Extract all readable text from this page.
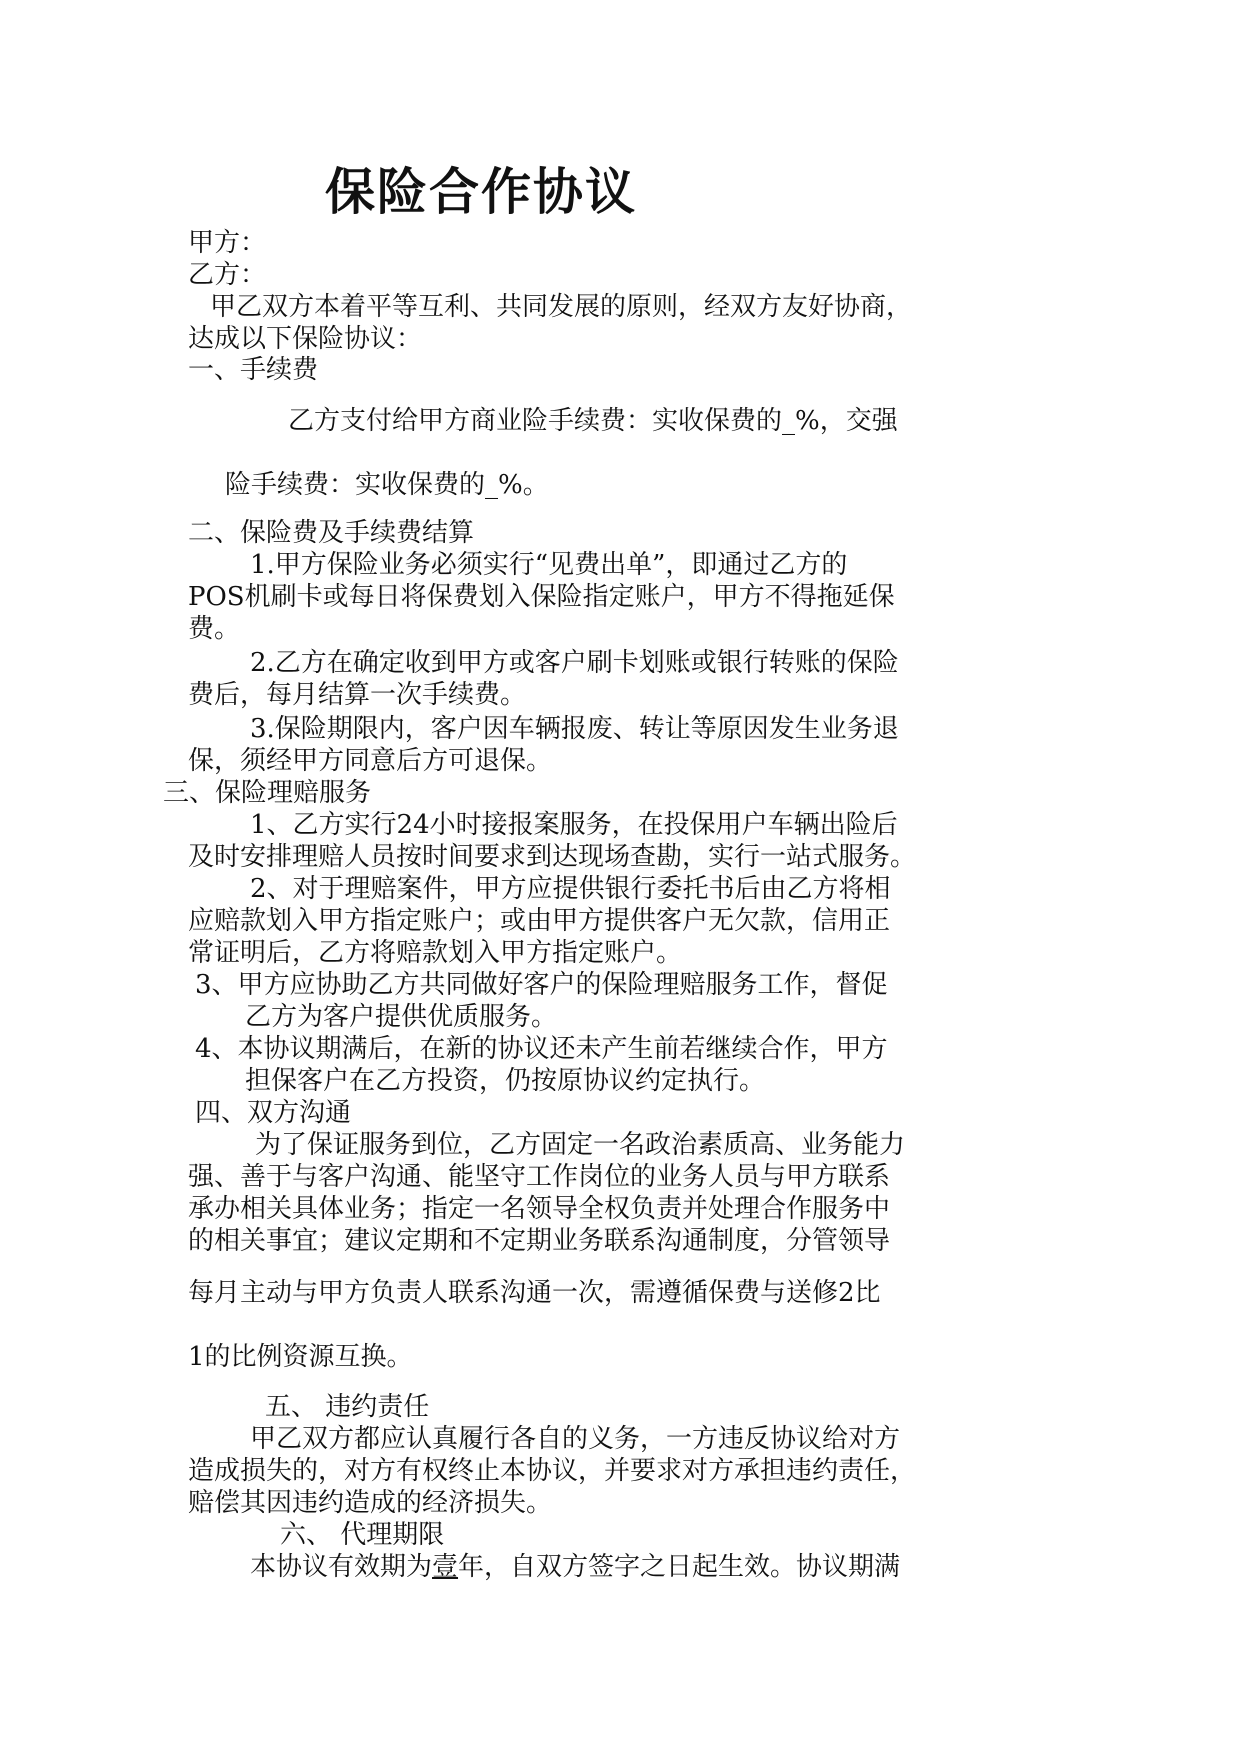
保险合作协议
甲方：
乙方：
甲乙双方本着平等互利、共同发展的原则，经双方友好协商，
达成以下保险协议：
一、手续费
乙方支付给甲方商业险手续费：实收保费的_%，交强
险手续费：实收保费的_%。
二、保险费及手续费结算
1.甲方保险业务必须实行“见费出单”，即通过乙方的
POS机刷卡或每日将保费划入保险指定账户，甲方不得拖延保
费。
2.乙方在确定收到甲方或客户刷卡划账或银行转账的保险
费后，每月结算一次手续费。
3.保险期限内，客户因车辆报废、转让等原因发生业务退
保，须经甲方同意后方可退保。
三、保险理赔服务
1、乙方实行24小时接报案服务，在投保用户车辆出险后
及时安排理赔人员按时间要求到达现场查勘，实行一站式服务。
2、对于理赔案件，甲方应提供银行委托书后由乙方将相
应赔款划入甲方指定账户；或由甲方提供客户无欠款，信用正
常证明后，乙方将赔款划入甲方指定账户。
3、甲方应协助乙方共同做好客户的保险理赔服务工作，督促
乙方为客户提供优质服务。
4、本协议期满后，在新的协议还未产生前若继续合作，甲方
担保客户在乙方投资，仍按原协议约定执行。
四、双方沟通
为了保证服务到位，乙方固定一名政治素质高、业务能力
强、善于与客户沟通、能坚守工作岗位的业务人员与甲方联系
承办相关具体业务；指定一名领导全权负责并处理合作服务中
的相关事宜；建议定期和不定期业务联系沟通制度，分管领导
每月主动与甲方负责人联系沟通一次，需遵循保费与送修2比
1的比例资源互换。
五、 违约责任
甲乙双方都应认真履行各自的义务，一方违反协议给对方
造成损失的，对方有权终止本协议，并要求对方承担违约责任，
赔偿其因违约造成的经济损失。
六、 代理期限
本协议有效期为壹年，自双方签字之日起生效。协议期满
